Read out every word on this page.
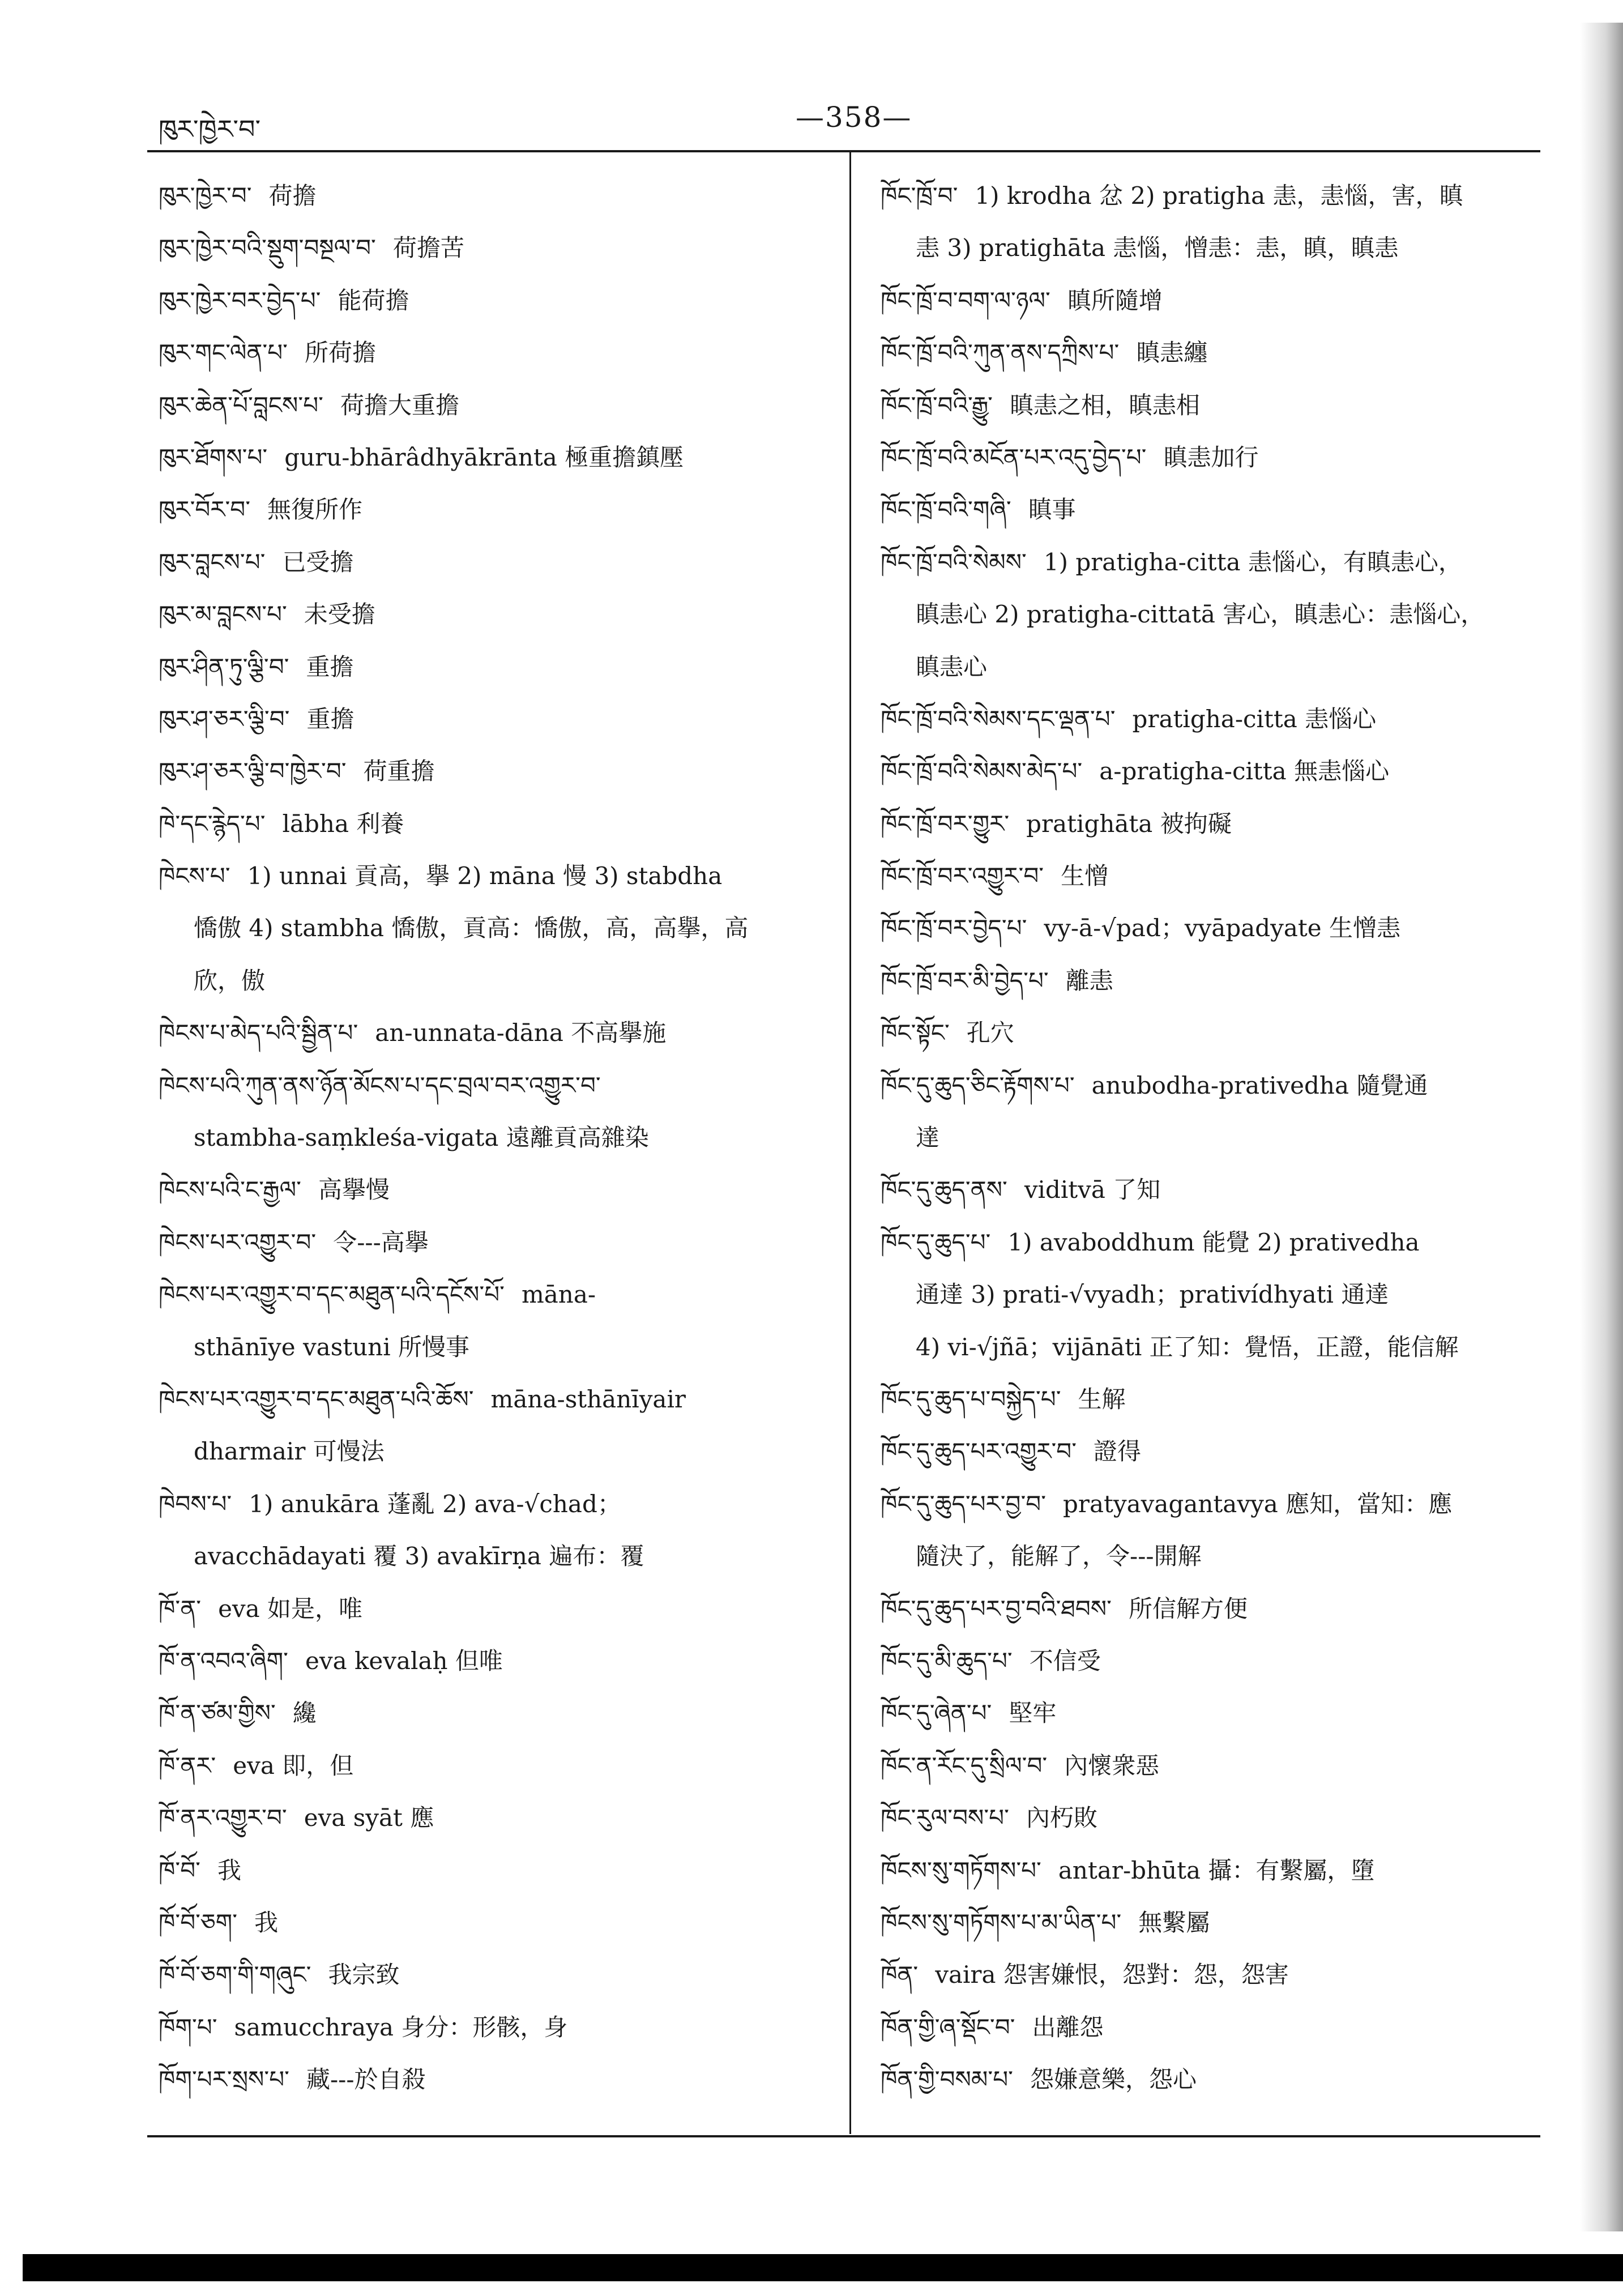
ཁུར་ཁྱེར་བ་	—358—
ཁུར་ཁྱེར་བ་ 荷擔
ཁུར་ཁྱེར་བའི་སྡུག་བསྔལ་བ་ 荷擔苦
ཁུར་ཁྱེར་བར་བྱེད་པ་ 能荷擔
ཁུར་གང་ལེན་པ་ 所荷擔
ཁུར་ཆེན་པོ་བླངས་པ་ 荷擔大重擔
ཁུར་ཐོགས་པ་ guru-bhārâdhyākrānta 極重擔鎮壓
ཁུར་བོར་བ་ 無復所作
ཁུར་བླངས་པ་ 已受擔
ཁུར་མ་བླངས་པ་ 未受擔
ཁུར་ཤིན་ཏུ་ལྕི་བ་ 重擔
ཁུར་ཤ་ཅར་ལྕི་བ་ 重擔
ཁུར་ཤ་ཅར་ལྕི་བ་ཁྱེར་བ་ 荷重擔
ཁེ་དང་རྙེད་པ་ lābha 利養
ཁེངས་པ་ 1) unnai 貢高，擧 2) māna 慢 3) stabdha
憍傲 4) stambha 憍傲，貢高：憍傲，高，高擧，高
欣，傲
ཁེངས་པ་མེད་པའི་སྦྱིན་པ་ an-unnata-dāna 不高擧施
ཁེངས་པའི་ཀུན་ནས་ཉོན་མོངས་པ་དང་བྲལ་བར་འགྱུར་བ་
stambha-saṃkleśa-vigata 遠離貢高雜染
ཁེངས་པའི་ང་རྒྱལ་ 高擧慢
ཁེངས་པར་འགྱུར་བ་ 令---高擧
ཁེངས་པར་འགྱུར་བ་དང་མཐུན་པའི་དངོས་པོ་ māna-
sthānīye vastuni 所慢事
ཁེངས་པར་འགྱུར་བ་དང་མཐུན་པའི་ཆོས་ māna-sthānīyair
dharmair 可慢法
ཁེབས་པ་ 1) anukāra 蓬亂 2) ava-√chad；
avacchādayati 覆 3) avakīrṇa 遍布：覆
ཁོ་ན་ eva 如是，唯
ཁོ་ན་འབའ་ཞིག་ eva kevalaḥ 但唯
ཁོ་ན་ཙམ་གྱིས་ 纔
ཁོ་ནར་ eva 即，但
ཁོ་ནར་འགྱུར་བ་ eva syāt 應
ཁོ་བོ་ 我
ཁོ་བོ་ཅག་ 我
ཁོ་བོ་ཅག་གི་གཞུང་ 我宗致
ཁོག་པ་ samucchraya 身分：形骸，身
ཁོག་པར་སྲས་པ་ 藏---於自殺
ཁོང་ཁྲོ་བ་ 1) krodha 忿 2) pratigha 恚，恚惱，害，瞋
恚 3) pratighāta 恚惱，憎恚：恚，瞋，瞋恚
ཁོང་ཁྲོ་བ་བག་ལ་ཉལ་ 瞋所隨增
ཁོང་ཁྲོ་བའི་ཀུན་ནས་དཀྲིས་པ་ 瞋恚纏
ཁོང་ཁྲོ་བའི་རྒྱུ་ 瞋恚之相，瞋恚相
ཁོང་ཁྲོ་བའི་མངོན་པར་འདུ་བྱེད་པ་ 瞋恚加行
ཁོང་ཁྲོ་བའི་གཞི་ 瞋事
ཁོང་ཁྲོ་བའི་སེམས་ 1) pratigha-citta 恚惱心，有瞋恚心，
瞋恚心 2) pratigha-cittatā 害心，瞋恚心：恚惱心，
瞋恚心
ཁོང་ཁྲོ་བའི་སེམས་དང་ལྡན་པ་ pratigha-citta 恚惱心
ཁོང་ཁྲོ་བའི་སེམས་མེད་པ་ a-pratigha-citta 無恚惱心
ཁོང་ཁྲོ་བར་གྱུར་ pratighāta 被拘礙
ཁོང་ཁྲོ་བར་འགྱུར་བ་ 生憎
ཁོང་ཁྲོ་བར་བྱེད་པ་ vy-ā-√pad；vyāpadyate 生憎恚
ཁོང་ཁྲོ་བར་མི་བྱེད་པ་ 離恚
ཁོང་སྟོང་ 孔穴
ཁོང་དུ་ཆུད་ཅིང་རྟོགས་པ་ anubodha-prativedha 隨覺通
達
ཁོང་དུ་ཆུད་ནས་ viditvā 了知
ཁོང་དུ་ཆུད་པ་ 1) avaboddhum 能覺 2) prativedha
通達 3) prati-√vyadh；prativídhyati 通達
4) vi-√jñā；vijānāti 正了知：覺悟，正證，能信解
ཁོང་དུ་ཆུད་པ་བསྐྱེད་པ་ 生解
ཁོང་དུ་ཆུད་པར་འགྱུར་བ་ 證得
ཁོང་དུ་ཆུད་པར་བྱ་བ་ pratyavagantavya 應知，當知：應
隨決了，能解了，令---開解
ཁོང་དུ་ཆུད་པར་བྱ་བའི་ཐབས་ 所信解方便
ཁོང་དུ་མི་ཆུད་པ་ 不信受
ཁོང་དུ་ཞེན་པ་ 堅牢
ཁོང་ན་རོང་དུ་སྲིལ་བ་ 內懷衆惡
ཁོང་རུལ་བས་པ་ 內朽敗
ཁོངས་སུ་གཏོགས་པ་ antar-bhūta 攝：有繫屬，墮
ཁོངས་སུ་གཏོགས་པ་མ་ཡིན་པ་ 無繫屬
ཁོན་ vaira 怨害嫌恨，怨對：怨，怨害
ཁོན་གྱི་ཞ་སྡོང་བ་ 出離怨
ཁོན་གྱི་བསམ་པ་ 怨嫌意樂，怨心
